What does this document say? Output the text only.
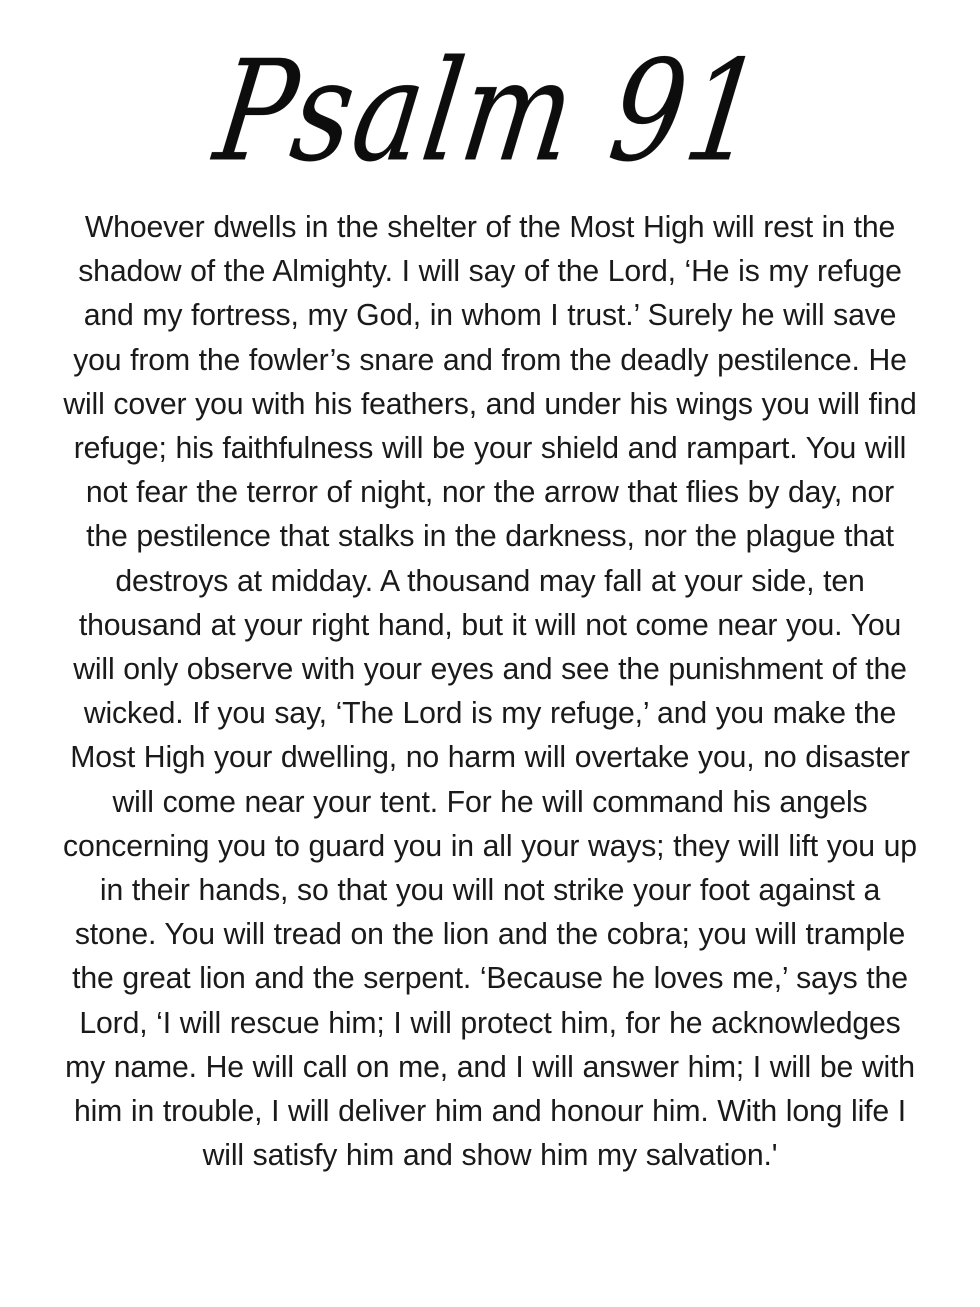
Psalm 91

Whoever dwells in the shelter of the Most High will rest in the shadow of the Almighty. I will say of the Lord, ‘He is my refuge and my fortress, my God, in whom I trust.’ Surely he will save you from the fowler’s snare and from the deadly pestilence. He will cover you with his feathers, and under his wings you will find refuge; his faithfulness will be your shield and rampart. You will not fear the terror of night, nor the arrow that flies by day, nor the pestilence that stalks in the darkness, nor the plague that destroys at midday. A thousand may fall at your side, ten thousand at your right hand, but it will not come near you. You will only observe with your eyes and see the punishment of the wicked. If you say, ‘The Lord is my refuge,’ and you make the Most High your dwelling, no harm will overtake you, no disaster will come near your tent. For he will command his angels concerning you to guard you in all your ways; they will lift you up in their hands, so that you will not strike your foot against a stone. You will tread on the lion and the cobra; you will trample the great lion and the serpent. ‘Because he loves me,’ says the Lord, ‘I will rescue him; I will protect him, for he acknowledges my name. He will call on me, and I will answer him; I will be with him in trouble, I will deliver him and honour him. With long life I will satisfy him and show him my salvation.'
